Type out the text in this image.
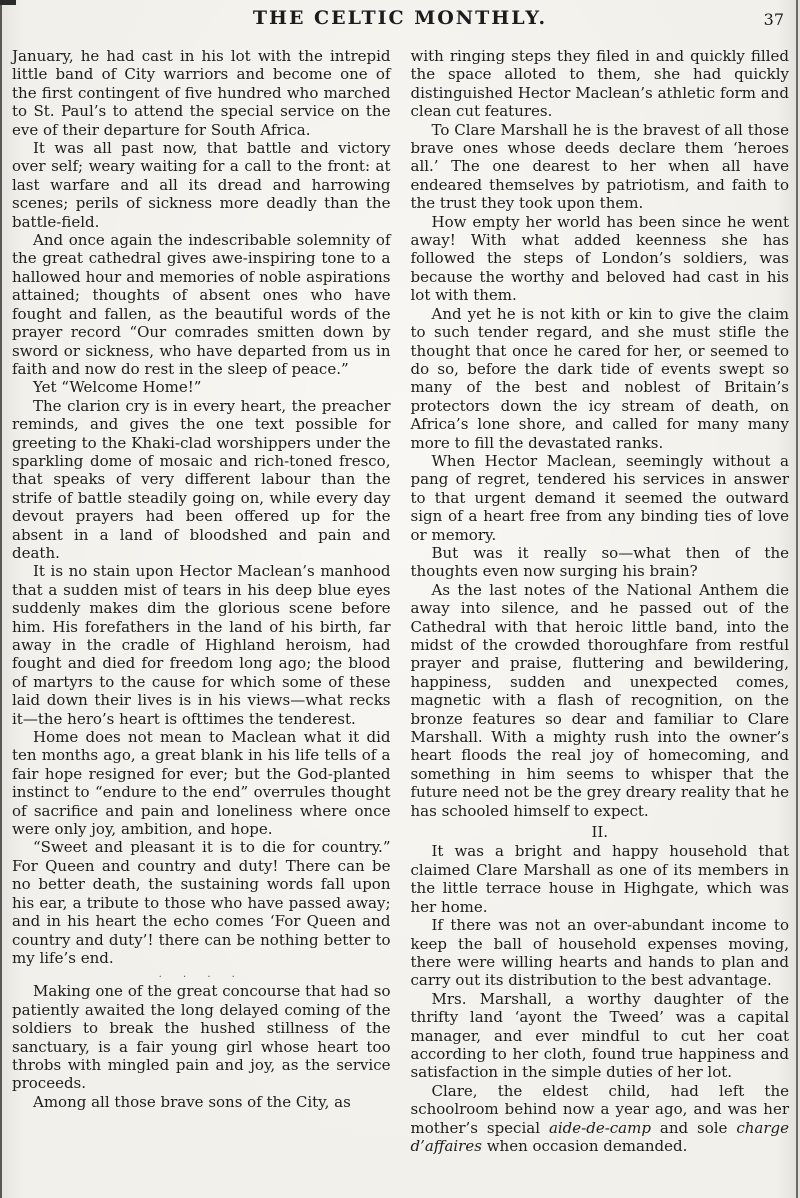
THE CELTIC MONTHLY.	37

January, he had cast in his lot with the intrepid little band of City warriors and become one of the first contingent of five hundred who marched to St. Paul’s to attend the special service on the eve of their departure for South Africa.

It was all past now, that battle and victory over self; weary waiting for a call to the front: at last warfare and all its dread and harrowing scenes; perils of sickness more deadly than the battle-field.

And once again the indescribable solemnity of the great cathedral gives awe-inspiring tone to a hallowed hour and memories of noble aspirations attained; thoughts of absent ones who have fought and fallen, as the beautiful words of the prayer record “Our comrades smitten down by sword or sickness, who have departed from us in faith and now do rest in the sleep of peace.”

Yet “Welcome Home!”

The clarion cry is in every heart, the preacher reminds, and gives the one text possible for greeting to the Khaki-clad worshippers under the sparkling dome of mosaic and rich-toned fresco, that speaks of very different labour than the strife of battle steadily going on, while every day devout prayers had been offered up for the absent in a land of bloodshed and pain and death.

It is no stain upon Hector Maclean’s manhood that a sudden mist of tears in his deep blue eyes suddenly makes dim the glorious scene before him. His forefathers in the land of his birth, far away in the cradle of Highland heroism, had fought and died for freedom long ago; the blood of martyrs to the cause for which some of these laid down their lives is in his views—what recks it—the hero’s heart is ofttimes the tenderest.

Home does not mean to Maclean what it did ten months ago, a great blank in his life tells of a fair hope resigned for ever; but the God-planted instinct to “endure to the end” overrules thought of sacrifice and pain and loneliness where once were only joy, ambition, and hope.

“Sweet and pleasant it is to die for country.” For Queen and country and duty! There can be no better death, the sustaining words fall upon his ear, a tribute to those who have passed away; and in his heart the echo comes ‘For Queen and country and duty’! there can be nothing better to my life’s end.

. . . .

Making one of the great concourse that had so patiently awaited the long delayed coming of the soldiers to break the hushed stillness of the sanctuary, is a fair young girl whose heart too throbs with mingled pain and joy, as the service proceeds.

Among all those brave sons of the City, as

with ringing steps they filed in and quickly filled the space alloted to them, she had quickly distinguished Hector Maclean’s athletic form and clean cut features.

To Clare Marshall he is the bravest of all those brave ones whose deeds declare them ‘heroes all.’ The one dearest to her when all have endeared themselves by patriotism, and faith to the trust they took upon them.

How empty her world has been since he went away! With what added keenness she has followed the steps of London’s soldiers, was because the worthy and beloved had cast in his lot with them.

And yet he is not kith or kin to give the claim to such tender regard, and she must stifle the thought that once he cared for her, or seemed to do so, before the dark tide of events swept so many of the best and noblest of Britain’s protectors down the icy stream of death, on Africa’s lone shore, and called for many many more to fill the devastated ranks.

When Hector Maclean, seemingly without a pang of regret, tendered his services in answer to that urgent demand it seemed the outward sign of a heart free from any binding ties of love or memory.

But was it really so—what then of the thoughts even now surging his brain?

As the last notes of the National Anthem die away into silence, and he passed out of the Cathedral with that heroic little band, into the midst of the crowded thoroughfare from restful prayer and praise, fluttering and bewildering, happiness, sudden and unexpected comes, magnetic with a flash of recognition, on the bronze features so dear and familiar to Clare Marshall. With a mighty rush into the owner’s heart floods the real joy of homecoming, and something in him seems to whisper that the future need not be the grey dreary reality that he has schooled himself to expect.

II.

It was a bright and happy household that claimed Clare Marshall as one of its members in the little terrace house in Highgate, which was her home.

If there was not an over-abundant income to keep the ball of household expenses moving, there were willing hearts and hands to plan and carry out its distribution to the best advantage.

Mrs. Marshall, a worthy daughter of the thrifty land ‘ayont the Tweed’ was a capital manager, and ever mindful to cut her coat according to her cloth, found true happiness and satisfaction in the simple duties of her lot.

Clare, the eldest child, had left the schoolroom behind now a year ago, and was her mother’s special aide-de-camp and sole charge d’affaires when occasion demanded.
